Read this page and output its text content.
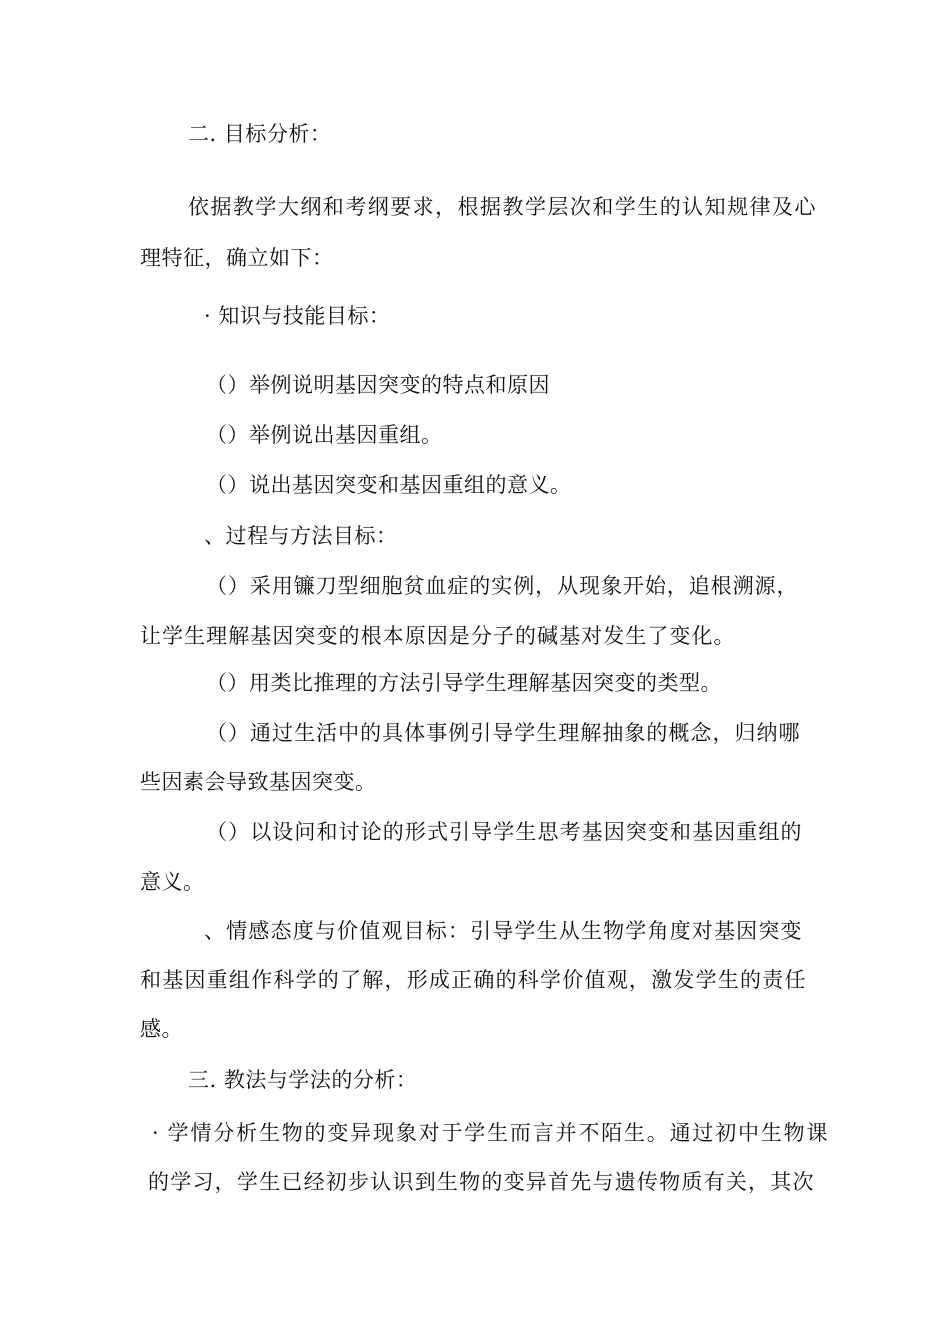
二. 目标分析：
依据教学大纲和考纲要求，根据教学层次和学生的认知规律及心
理特征，确立如下：
· 知识与技能目标：
（）举例说明基因突变的特点和原因
（）举例说出基因重组。
（）说出基因突变和基因重组的意义。
、过程与方法目标：
（）采用镰刀型细胞贫血症的实例，从现象开始，追根溯源，
让学生理解基因突变的根本原因是分子的碱基对发生了变化。
（）用类比推理的方法引导学生理解基因突变的类型。
（）通过生活中的具体事例引导学生理解抽象的概念，归纳哪
些因素会导致基因突变。
（）以设问和讨论的形式引导学生思考基因突变和基因重组的
意义。
、情感态度与价值观目标：引导学生从生物学角度对基因突变
和基因重组作科学的了解，形成正确的科学价值观，激发学生的责任
感。
三. 教法与学法的分析：
· 学情分析生物的变异现象对于学生而言并不陌生。通过初中生物课
的学习，学生已经初步认识到生物的变异首先与遗传物质有关，其次
